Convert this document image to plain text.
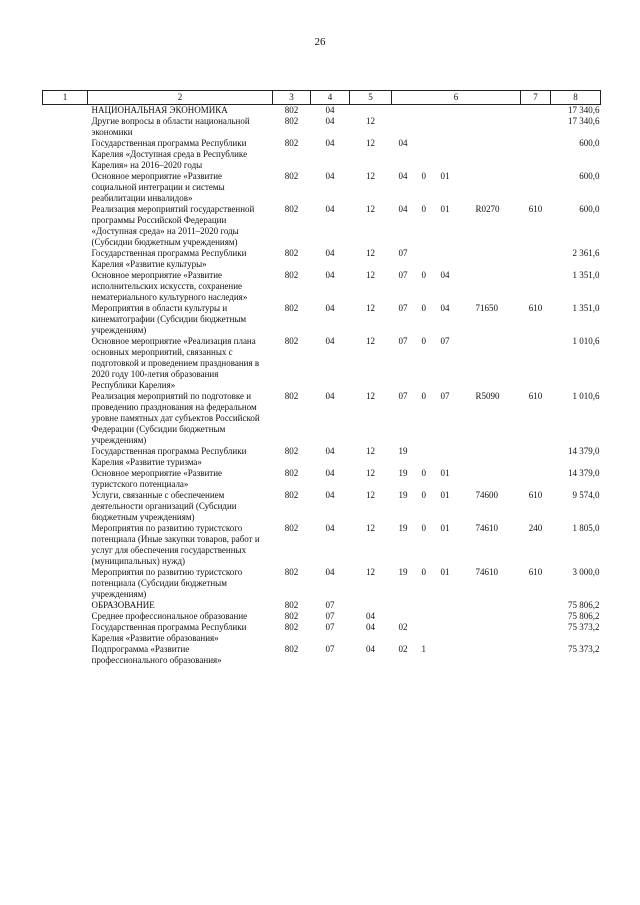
26
1	2	3	4	5	6	7	8
	НАЦИОНАЛЬНАЯ ЭКОНОМИКА	802	04				17 340,6
	Другие вопросы в области национальной экономики	802	04	12			17 340,6
	Государственная программа Республики Карелия «Доступная среда в Республике Карелия» на 2016–2020 годы	802	04	12	04		600,0
	Основное мероприятие «Развитие социальной интеграции и системы реабилитации инвалидов»	802	04	12	04 0 01		600,0
	Реализация мероприятий государственной программы Российской Федерации «Доступная среда» на 2011–2020 годы (Субсидии бюджетным учреждениям)	802	04	12	04 0 01 R0270	610	600,0
	Государственная программа Республики Карелия «Развитие культуры»	802	04	12	07		2 361,6
	Основное мероприятие «Развитие исполнительских искусств, сохранение нематериального культурного наследия»	802	04	12	07 0 04		1 351,0
	Мероприятия в области культуры и кинематографии (Субсидии бюджетным учреждениям)	802	04	12	07 0 04 71650	610	1 351,0
	Основное мероприятие «Реализация плана основных мероприятий, связанных с подготовкой и проведением празднования в 2020 году 100-летия образования Республики Карелия»	802	04	12	07 0 07		1 010,6
	Реализация мероприятий по подготовке и проведению празднования на федеральном уровне памятных дат субъектов Российской Федерации (Субсидии бюджетным учреждениям)	802	04	12	07 0 07 R5090	610	1 010,6
	Государственная программа Республики Карелия «Развитие туризма»	802	04	12	19		14 379,0
	Основное мероприятие «Развитие туристского потенциала»	802	04	12	19 0 01		14 379,0
	Услуги, связанные с обеспечением деятельности организаций (Субсидии бюджетным учреждениям)	802	04	12	19 0 01 74600	610	9 574,0
	Мероприятия по развитию туристского потенциала (Иные закупки товаров, работ и услуг для обеспечения государственных (муниципальных) нужд)	802	04	12	19 0 01 74610	240	1 805,0
	Мероприятия по развитию туристского потенциала (Субсидии бюджетным учреждениям)	802	04	12	19 0 01 74610	610	3 000,0
	ОБРАЗОВАНИЕ	802	07				75 806,2
	Среднее профессиональное образование	802	07	04			75 806,2
	Государственная программа Республики Карелия «Развитие образования»	802	07	04	02		75 373,2
	Подпрограмма «Развитие профессионального образования»	802	07	04	02 1		75 373,2
